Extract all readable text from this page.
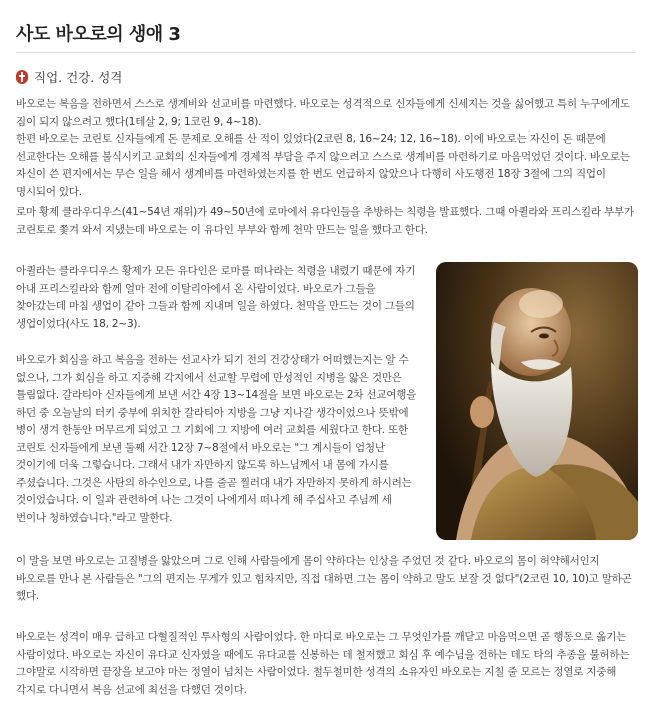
사도 바오로의 생애 3
직업. 건강. 성격

바오로는 복음을 전하면서 스스로 생계비와 선교비를 마련했다. 바오로는 성격적으로 신자들에게 신세지는 것을 싫어했고 특히 누구에게도 짐이 되지 않으려고 했다(1테살 2, 9; 1코린 9, 4~18).

한편 바오로는 코린토 신자들에게 돈 문제로 오해를 산 적이 있었다(2코린 8, 16~24; 12, 16~18). 이에 바오로는 자신이 돈 때문에 선교한다는 오해를 불식시키고 교회의 신자들에게 경제적 부담을 주지 않으려고 스스로 생계비를 마련하기로 마음먹었던 것이다. 바오로는 자신이 쓴 편지에서는 무슨 일을 해서 생계비를 마련하였는지를 한 번도 언급하지 않았으나 다행히 사도행전 18장 3절에 그의 직업이 명시되어 있다.

로마 황제 클라우디우스(41~54년 재위)가 49~50년에 로마에서 유다인들을 추방하는 칙령을 발표했다. 그때 아퀼라와 프리스킬라 부부가 코린토로 쫓겨 와서 지냈는데 바오로는 이 유다인 부부와 함께 천막 만드는 일을 했다고 한다.

아퀼라는 클라우디우스 황제가 모든 유다인은 로마를 떠나라는 칙령을 내렸기 때문에 자기 아내 프리스킬라와 함께 얼마 전에 이탈리아에서 온 사람이었다. 바오로가 그들을 찾아갔는데 마침 생업이 같아 그들과 함께 지내며 일을 하였다. 천막을 만드는 것이 그들의 생업이었다(사도 18, 2~3).

바오로가 회심을 하고 복음을 전하는 선교사가 되기 전의 건강상태가 어떠했는지는 알 수 없으나, 그가 회심을 하고 지중해 각지에서 선교할 무렵에 만성적인 지병을 앓은 것만은 틀림없다. 갈라티아 신자들에게 보낸 서간 4장 13~14절을 보면 바오로는 2차 선교여행을 하던 중 오늘날의 터키 중부에 위치한 갈라티아 지방을 그냥 지나갈 생각이었으나 뜻밖에 병이 생겨 한동안 머무르게 되었고 그 기회에 그 지방에 여러 교회를 세웠다고 한다. 또한 코린토 신자들에게 보낸 둘째 서간 12장 7~8절에서 바오로는 "그 계시들이 엄청난 것이기에 더욱 그렇습니다. 그래서 내가 자만하지 않도록 하느님께서 내 몸에 가시를 주셨습니다. 그것은 사탄의 하수인으로, 나를 줄곧 찔러대 내가 자만하지 못하게 하시려는 것이었습니다. 이 일과 관련하여 나는 그것이 나에게서 떠나게 해 주십사고 주님께 세 번이나 청하였습니다."라고 말한다.

이 말을 보면 바오로는 고질병을 앓았으며 그로 인해 사람들에게 몸이 약하다는 인상을 주었던 것 같다. 바오로의 몸이 허약해서인지 바오로를 만나 본 사람들은 "그의 편지는 무게가 있고 힘차지만, 직접 대하면 그는 몸이 약하고 말도 보잘 것 없다"(2코린 10, 10)고 말하곤 했다.

바오로는 성격이 매우 급하고 다혈질적인 투사형의 사람이었다. 한 마디로 바오로는 그 무엇인가를 깨닫고 마음먹으면 곧 행동으로 옮기는 사람이었다. 바오로는 자신이 유다교 신자였을 때에도 유다교를 신봉하는 데 철저했고 회심 후 예수님을 전하는 데도 타의 추종을 불허하는 그야말로 시작하면 끝장을 보고야 마는 정열이 넘치는 사람이었다. 철두철미한 성격의 소유자인 바오로는 지칠 줄 모르는 정열로 지중해 각지로 다니면서 복음 선교에 최선을 다했던 것이다.
